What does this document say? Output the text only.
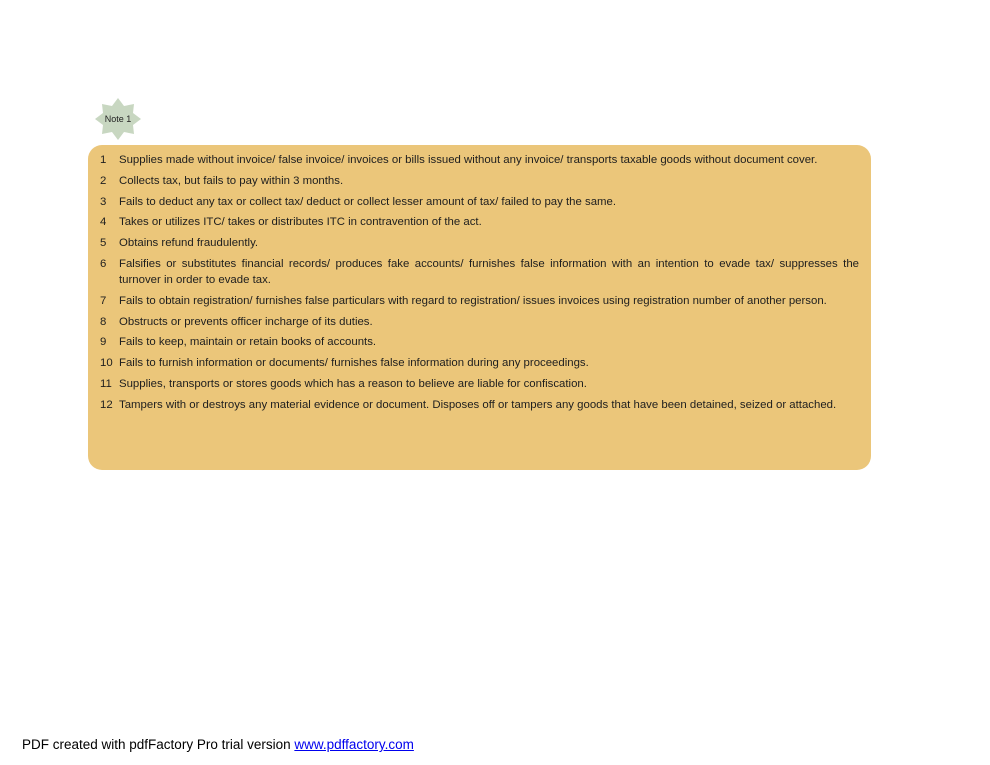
Note 1
1	Supplies made without invoice/ false invoice/ invoices or bills issued without any invoice/ transports taxable goods without document cover.
2	Collects tax, but fails to pay within 3 months.
3	Fails to deduct any tax or collect tax/ deduct or collect lesser amount of tax/ failed to pay the same.
4	Takes or utilizes ITC/ takes or distributes ITC in contravention of the act.
5	Obtains refund fraudulently.
6	Falsifies or substitutes financial records/ produces fake accounts/ furnishes false information with an intention to evade tax/ suppresses the turnover in order to evade tax.
7	Fails to obtain registration/ furnishes false particulars with regard to registration/ issues invoices using registration number of another person.
8	Obstructs or prevents officer incharge of its duties.
9	Fails to keep, maintain or retain books of accounts.
10 Fails to furnish information or documents/ furnishes false information during any proceedings.
11 Supplies, transports or stores goods which has a reason to believe are liable for confiscation.
12 Tampers with or destroys any material evidence or document. Disposes off or tampers any goods that have been detained, seized or attached.
PDF created with pdfFactory Pro trial version www.pdffactory.com
